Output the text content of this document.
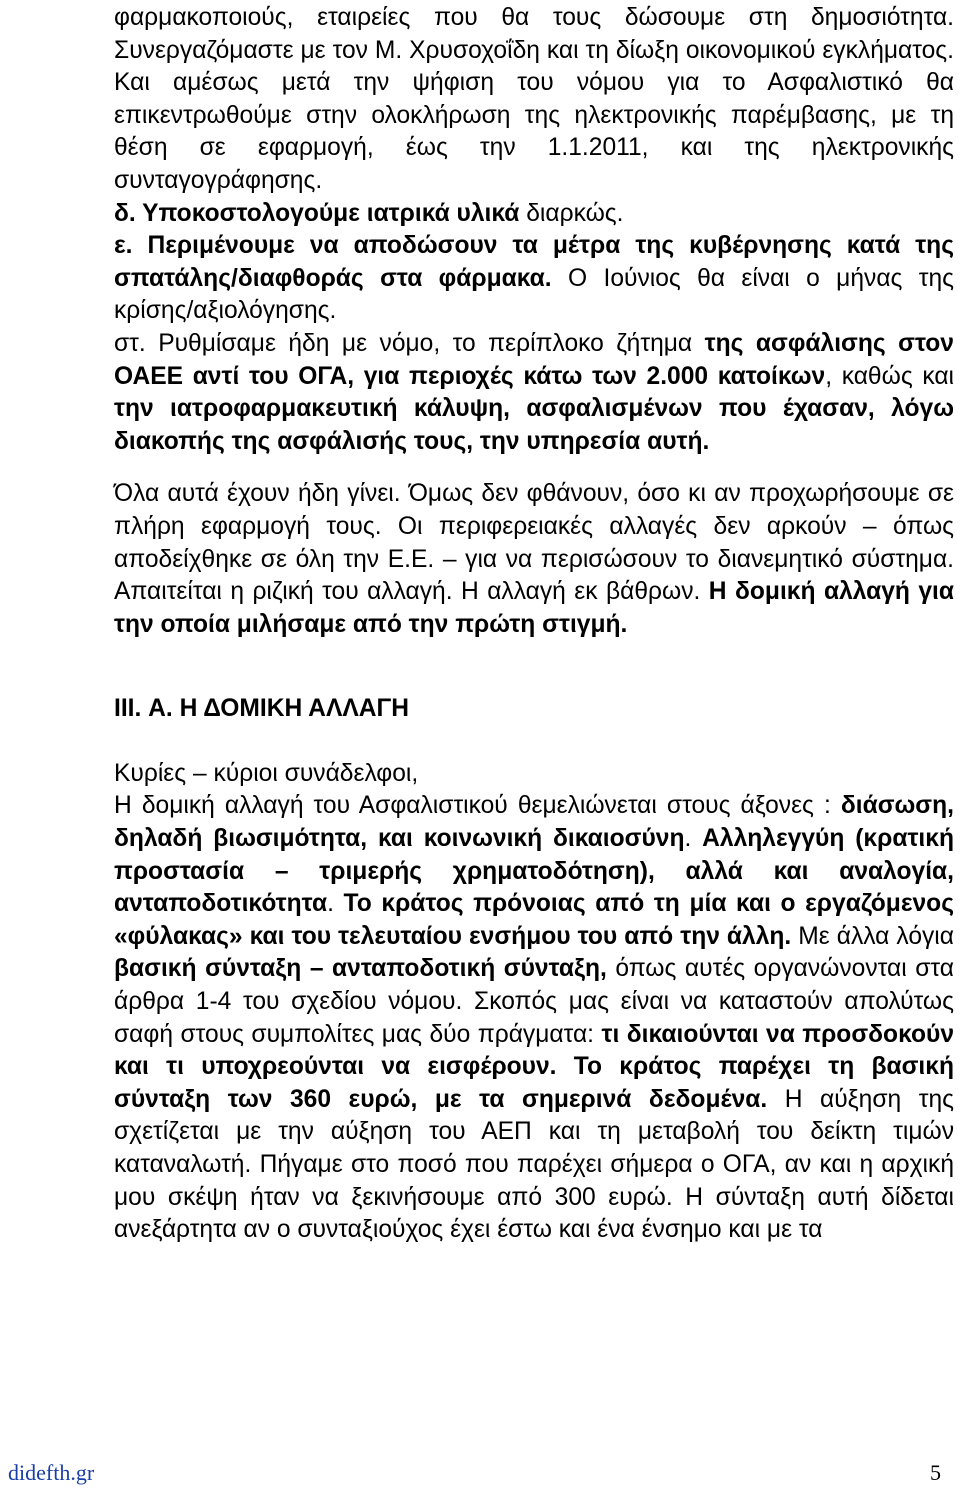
φαρμακοποιούς, εταιρείες που θα τους δώσουμε στη δημοσιότητα. Συνεργαζόμαστε με τον Μ. Χρυσοχοΐδη και τη δίωξη οικονομικού εγκλήματος. Και αμέσως μετά την ψήφιση του νόμου για το Ασφαλιστικό θα επικεντρωθούμε στην ολοκλήρωση της ηλεκτρονικής παρέμβασης, με τη θέση σε εφαρμογή, έως την 1.1.2011, και της ηλεκτρονικής συνταγογράφησης.
δ. Υποκοστολογούμε ιατρικά υλικά διαρκώς.
ε. Περιμένουμε να αποδώσουν τα μέτρα της κυβέρνησης κατά της σπατάλης/διαφθοράς στα φάρμακα. Ο Ιούνιος θα είναι ο μήνας της κρίσης/αξιολόγησης.
στ. Ρυθμίσαμε ήδη με νόμο, το περίπλοκο ζήτημα της ασφάλισης στον ΟΑΕΕ αντί του ΟΓΑ, για περιοχές κάτω των 2.000 κατοίκων, καθώς και την ιατροφαρμακευτική κάλυψη, ασφαλισμένων που έχασαν, λόγω διακοπής της ασφάλισής τους, την υπηρεσία αυτή.

Όλα αυτά έχουν ήδη γίνει. Όμως δεν φθάνουν, όσο κι αν προχωρήσουμε σε πλήρη εφαρμογή τους. Οι περιφερειακές αλλαγές δεν αρκούν – όπως αποδείχθηκε σε όλη την Ε.Ε. – για να περισώσουν το διανεμητικό σύστημα. Απαιτείται η ριζική του αλλαγή. Η αλλαγή εκ βάθρων. Η δομική αλλαγή για την οποία μιλήσαμε από την πρώτη στιγμή.

III. Α. Η ΔΟΜΙΚΗ ΑΛΛΑΓΗ

Κυρίες – κύριοι συνάδελφοι,

Η δομική αλλαγή του Ασφαλιστικού θεμελιώνεται στους άξονες : διάσωση, δηλαδή βιωσιμότητα, και κοινωνική δικαιοσύνη. Αλληλεγγύη (κρατική προστασία – τριμερής χρηματοδότηση), αλλά και αναλογία, ανταποδοτικότητα. Το κράτος πρόνοιας από τη μία και ο εργαζόμενος «φύλακας» και του τελευταίου ενσήμου του από την άλλη. Με άλλα λόγια βασική σύνταξη – ανταποδοτική σύνταξη, όπως αυτές οργανώνονται στα άρθρα 1-4 του σχεδίου νόμου. Σκοπός μας είναι να καταστούν απολύτως σαφή στους συμπολίτες μας δύο πράγματα: τι δικαιούνται να προσδοκούν και τι υποχρεούνται να εισφέρουν. Το κράτος παρέχει τη βασική σύνταξη των 360 ευρώ, με τα σημερινά δεδομένα. Η αύξηση της σχετίζεται με την αύξηση του ΑΕΠ και τη μεταβολή του δείκτη τιμών καταναλωτή. Πήγαμε στο ποσό που παρέχει σήμερα ο ΟΓΑ, αν και η αρχική μου σκέψη ήταν να ξεκινήσουμε από 300 ευρώ. Η σύνταξη αυτή δίδεται ανεξάρτητα αν ο συνταξιούχος έχει έστω και ένα ένσημο και με τα

didefth.gr	5
